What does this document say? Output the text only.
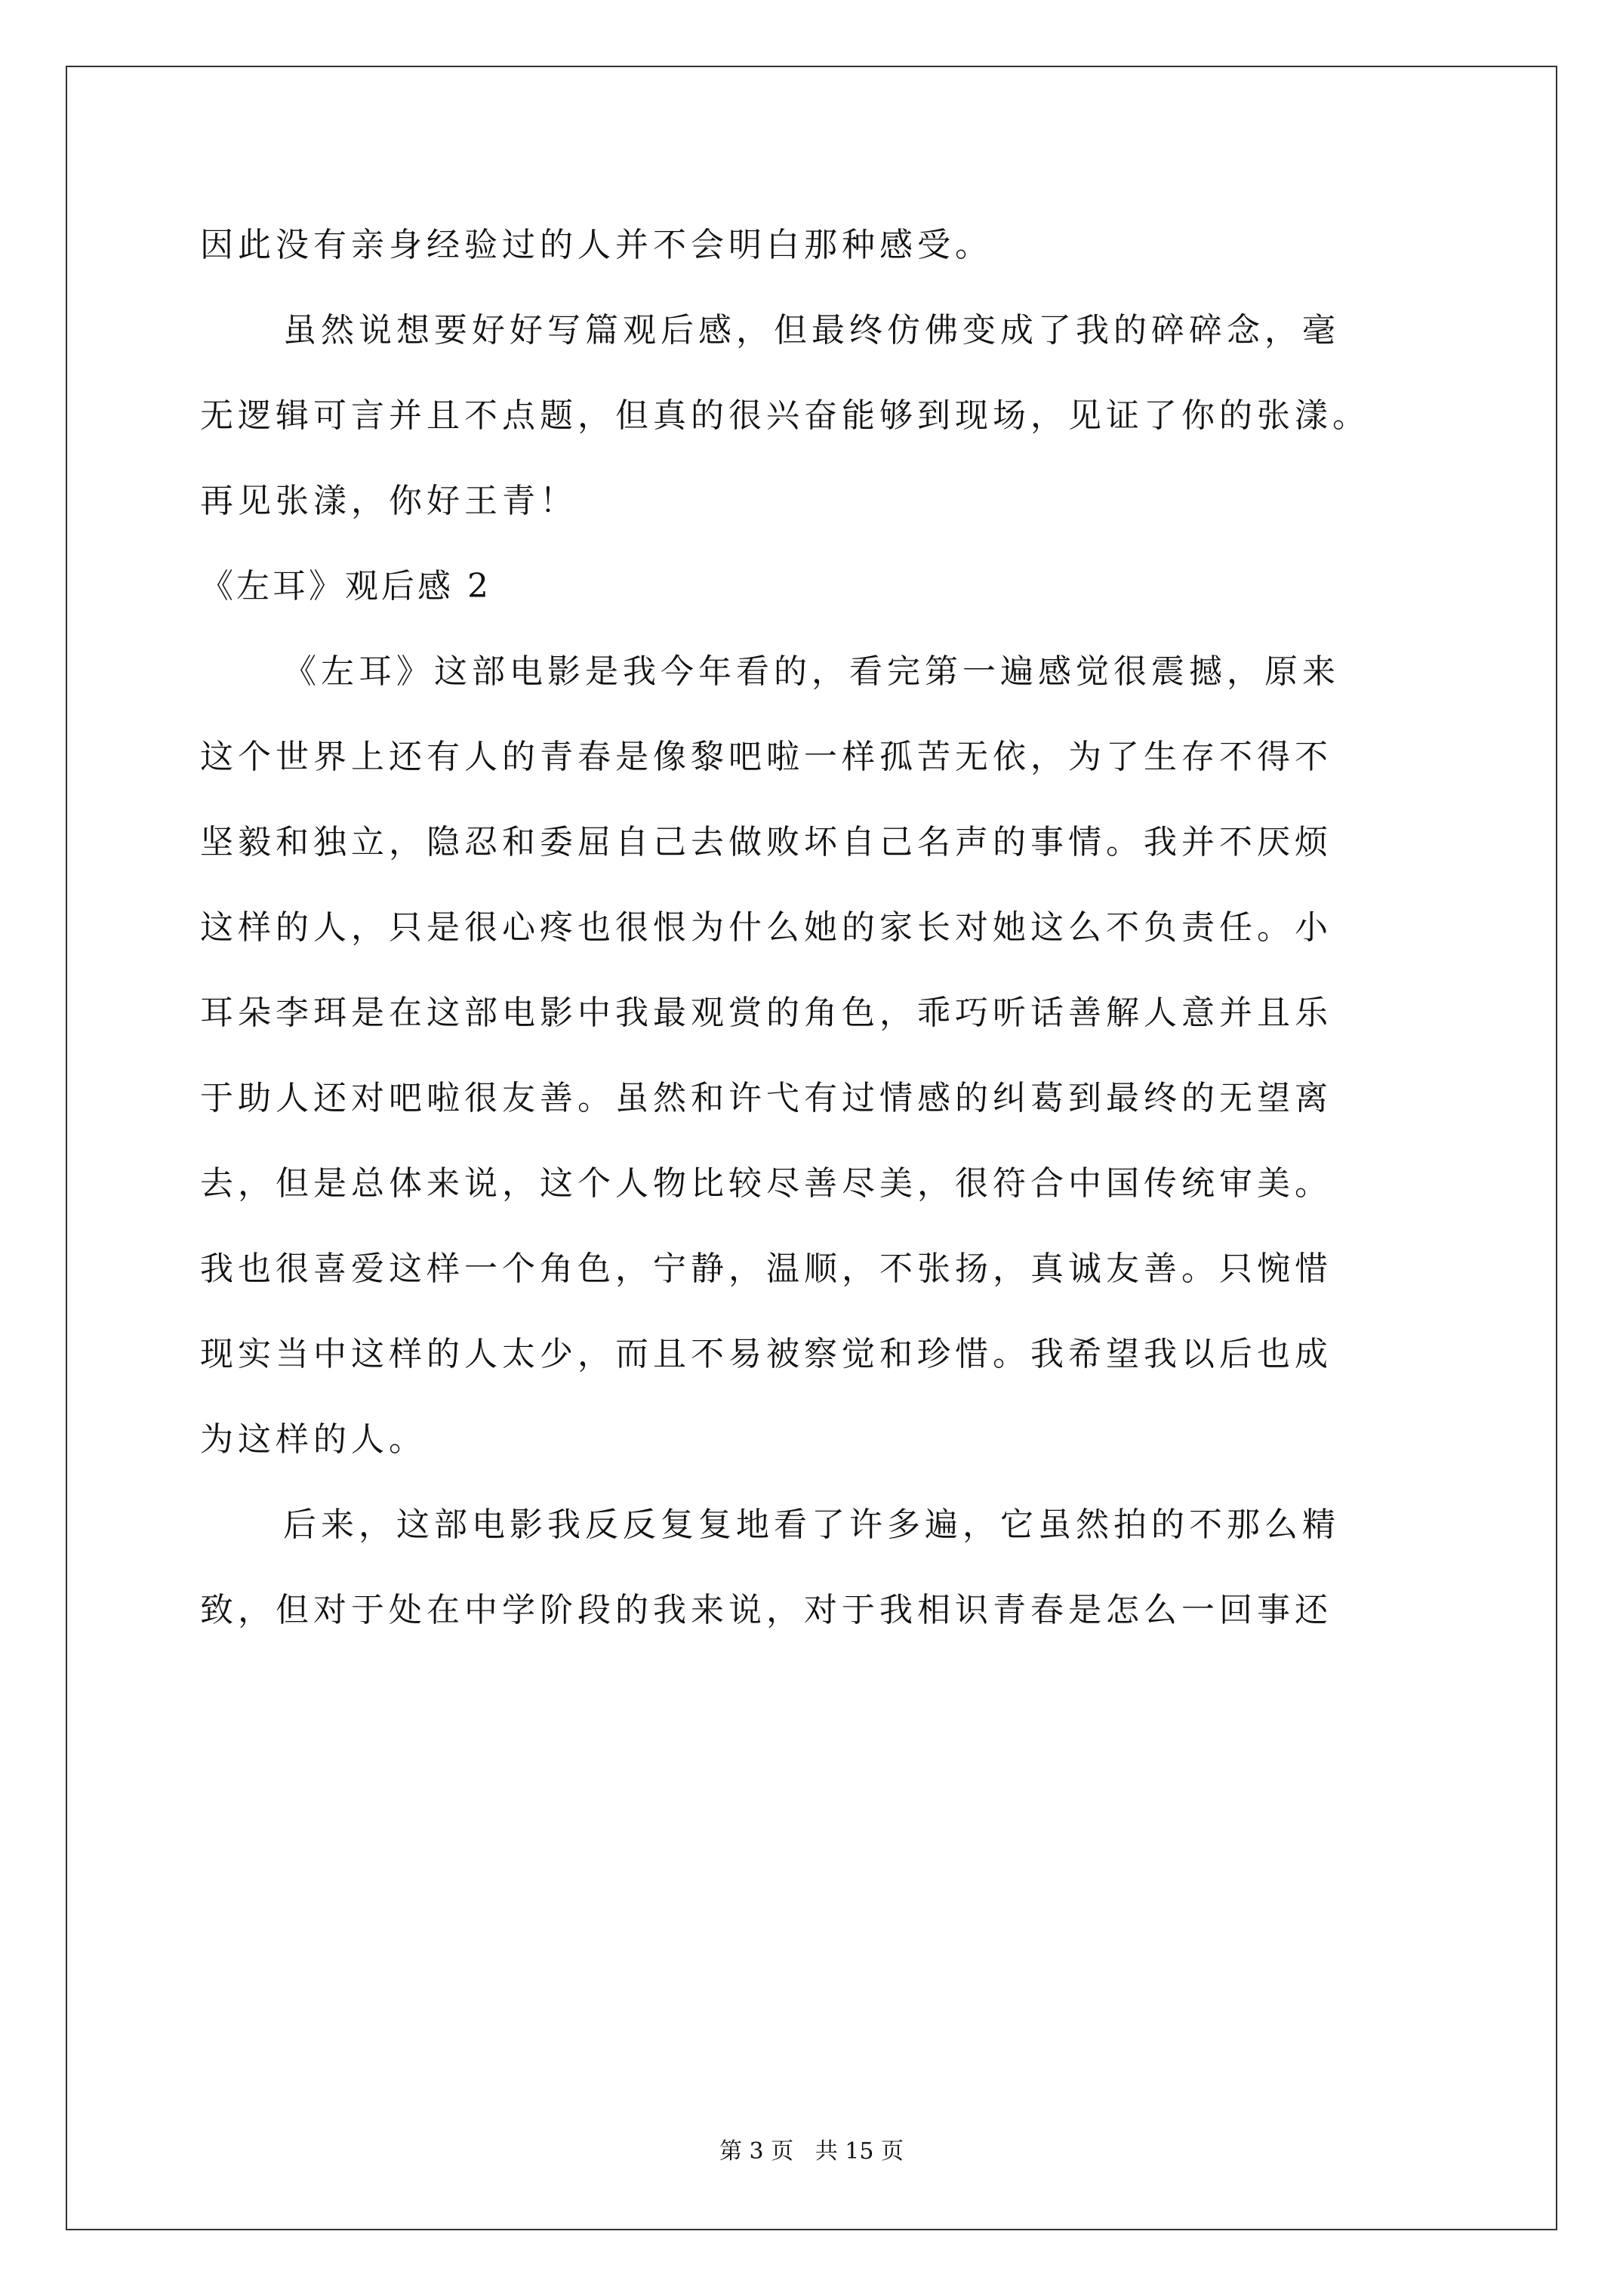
因此没有亲身经验过的人并不会明白那种感受。
虽然说想要好好写篇观后感，但最终仿佛变成了我的碎碎念，毫
无逻辑可言并且不点题，但真的很兴奋能够到现场，见证了你的张漾。
再见张漾，你好王青！
《左耳》观后感 2
《左耳》这部电影是我今年看的，看完第一遍感觉很震撼，原来
这个世界上还有人的青春是像黎吧啦一样孤苦无依，为了生存不得不
坚毅和独立，隐忍和委屈自己去做败坏自己名声的事情。我并不厌烦
这样的人，只是很心疼也很恨为什么她的家长对她这么不负责任。小
耳朵李珥是在这部电影中我最观赏的角色，乖巧听话善解人意并且乐
于助人还对吧啦很友善。虽然和许弋有过情感的纠葛到最终的无望离
去，但是总体来说，这个人物比较尽善尽美，很符合中国传统审美。
我也很喜爱这样一个角色，宁静，温顺，不张扬，真诚友善。只惋惜
现实当中这样的人太少，而且不易被察觉和珍惜。我希望我以后也成
为这样的人。
后来，这部电影我反反复复地看了许多遍，它虽然拍的不那么精
致，但对于处在中学阶段的我来说，对于我相识青春是怎么一回事还
第 3 页   共 15 页
